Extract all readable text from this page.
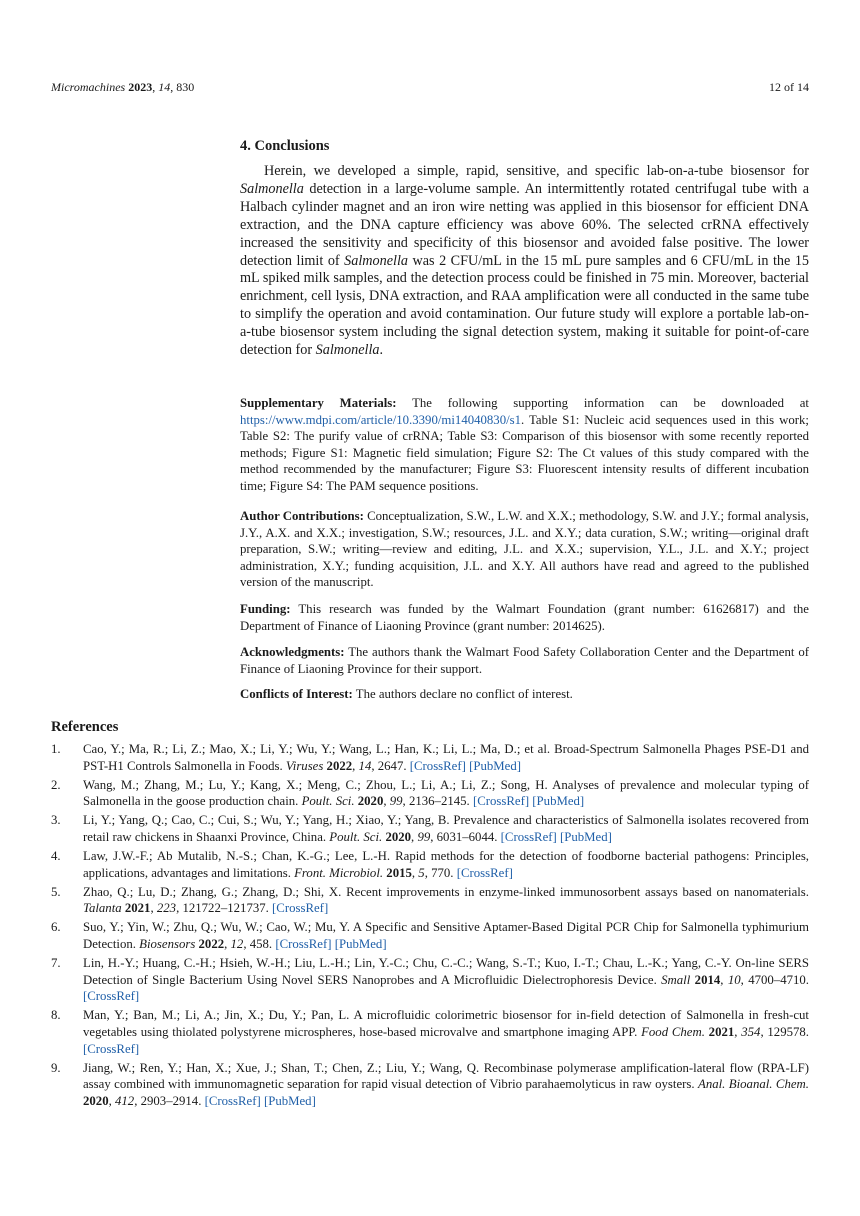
Micromachines 2023, 14, 830	12 of 14
4. Conclusions
Herein, we developed a simple, rapid, sensitive, and specific lab-on-a-tube biosensor for Salmonella detection in a large-volume sample. An intermittently rotated centrifugal tube with a Halbach cylinder magnet and an iron wire netting was applied in this biosensor for efficient DNA extraction, and the DNA capture efficiency was above 60%. The selected crRNA effectively increased the sensitivity and specificity of this biosensor and avoided false positive. The lower detection limit of Salmonella was 2 CFU/mL in the 15 mL pure samples and 6 CFU/mL in the 15 mL spiked milk samples, and the detection process could be finished in 75 min. Moreover, bacterial enrichment, cell lysis, DNA extraction, and RAA amplification were all conducted in the same tube to simplify the operation and avoid contamination. Our future study will explore a portable lab-on-a-tube biosensor system including the signal detection system, making it suitable for point-of-care detection for Salmonella.
Supplementary Materials: The following supporting information can be downloaded at https://www.mdpi.com/article/10.3390/mi14040830/s1. Table S1: Nucleic acid sequences used in this work; Table S2: The purify value of crRNA; Table S3: Comparison of this biosensor with some recently reported methods; Figure S1: Magnetic field simulation; Figure S2: The Ct values of this study compared with the method recommended by the manufacturer; Figure S3: Fluorescent intensity results of different incubation time; Figure S4: The PAM sequence positions.
Author Contributions: Conceptualization, S.W., L.W. and X.X.; methodology, S.W. and J.Y.; formal analysis, J.Y., A.X. and X.X.; investigation, S.W.; resources, J.L. and X.Y.; data curation, S.W.; writing—original draft preparation, S.W.; writing—review and editing, J.L. and X.X.; supervision, Y.L., J.L. and X.Y.; project administration, X.Y.; funding acquisition, J.L. and X.Y. All authors have read and agreed to the published version of the manuscript.
Funding: This research was funded by the Walmart Foundation (grant number: 61626817) and the Department of Finance of Liaoning Province (grant number: 2014625).
Acknowledgments: The authors thank the Walmart Food Safety Collaboration Center and the Department of Finance of Liaoning Province for their support.
Conflicts of Interest: The authors declare no conflict of interest.
References
1. Cao, Y.; Ma, R.; Li, Z.; Mao, X.; Li, Y.; Wu, Y.; Wang, L.; Han, K.; Li, L.; Ma, D.; et al. Broad-Spectrum Salmonella Phages PSE-D1 and PST-H1 Controls Salmonella in Foods. Viruses 2022, 14, 2647. [CrossRef] [PubMed]
2. Wang, M.; Zhang, M.; Lu, Y.; Kang, X.; Meng, C.; Zhou, L.; Li, A.; Li, Z.; Song, H. Analyses of prevalence and molecular typing of Salmonella in the goose production chain. Poult. Sci. 2020, 99, 2136–2145. [CrossRef] [PubMed]
3. Li, Y.; Yang, Q.; Cao, C.; Cui, S.; Wu, Y.; Yang, H.; Xiao, Y.; Yang, B. Prevalence and characteristics of Salmonella isolates recovered from retail raw chickens in Shaanxi Province, China. Poult. Sci. 2020, 99, 6031–6044. [CrossRef] [PubMed]
4. Law, J.W.-F.; Ab Mutalib, N.-S.; Chan, K.-G.; Lee, L.-H. Rapid methods for the detection of foodborne bacterial pathogens: Principles, applications, advantages and limitations. Front. Microbiol. 2015, 5, 770. [CrossRef]
5. Zhao, Q.; Lu, D.; Zhang, G.; Zhang, D.; Shi, X. Recent improvements in enzyme-linked immunosorbent assays based on nanomaterials. Talanta 2021, 223, 121722–121737. [CrossRef]
6. Suo, Y.; Yin, W.; Zhu, Q.; Wu, W.; Cao, W.; Mu, Y. A Specific and Sensitive Aptamer-Based Digital PCR Chip for Salmonella typhimurium Detection. Biosensors 2022, 12, 458. [CrossRef] [PubMed]
7. Lin, H.-Y.; Huang, C.-H.; Hsieh, W.-H.; Liu, L.-H.; Lin, Y.-C.; Chu, C.-C.; Wang, S.-T.; Kuo, I.-T.; Chau, L.-K.; Yang, C.-Y. On-line SERS Detection of Single Bacterium Using Novel SERS Nanoprobes and A Microfluidic Dielectrophoresis Device. Small 2014, 10, 4700–4710. [CrossRef]
8. Man, Y.; Ban, M.; Li, A.; Jin, X.; Du, Y.; Pan, L. A microfluidic colorimetric biosensor for in-field detection of Salmonella in fresh-cut vegetables using thiolated polystyrene microspheres, hose-based microvalve and smartphone imaging APP. Food Chem. 2021, 354, 129578. [CrossRef]
9. Jiang, W.; Ren, Y.; Han, X.; Xue, J.; Shan, T.; Chen, Z.; Liu, Y.; Wang, Q. Recombinase polymerase amplification-lateral flow (RPA-LF) assay combined with immunomagnetic separation for rapid visual detection of Vibrio parahaemolyticus in raw oysters. Anal. Bioanal. Chem. 2020, 412, 2903–2914. [CrossRef] [PubMed]
